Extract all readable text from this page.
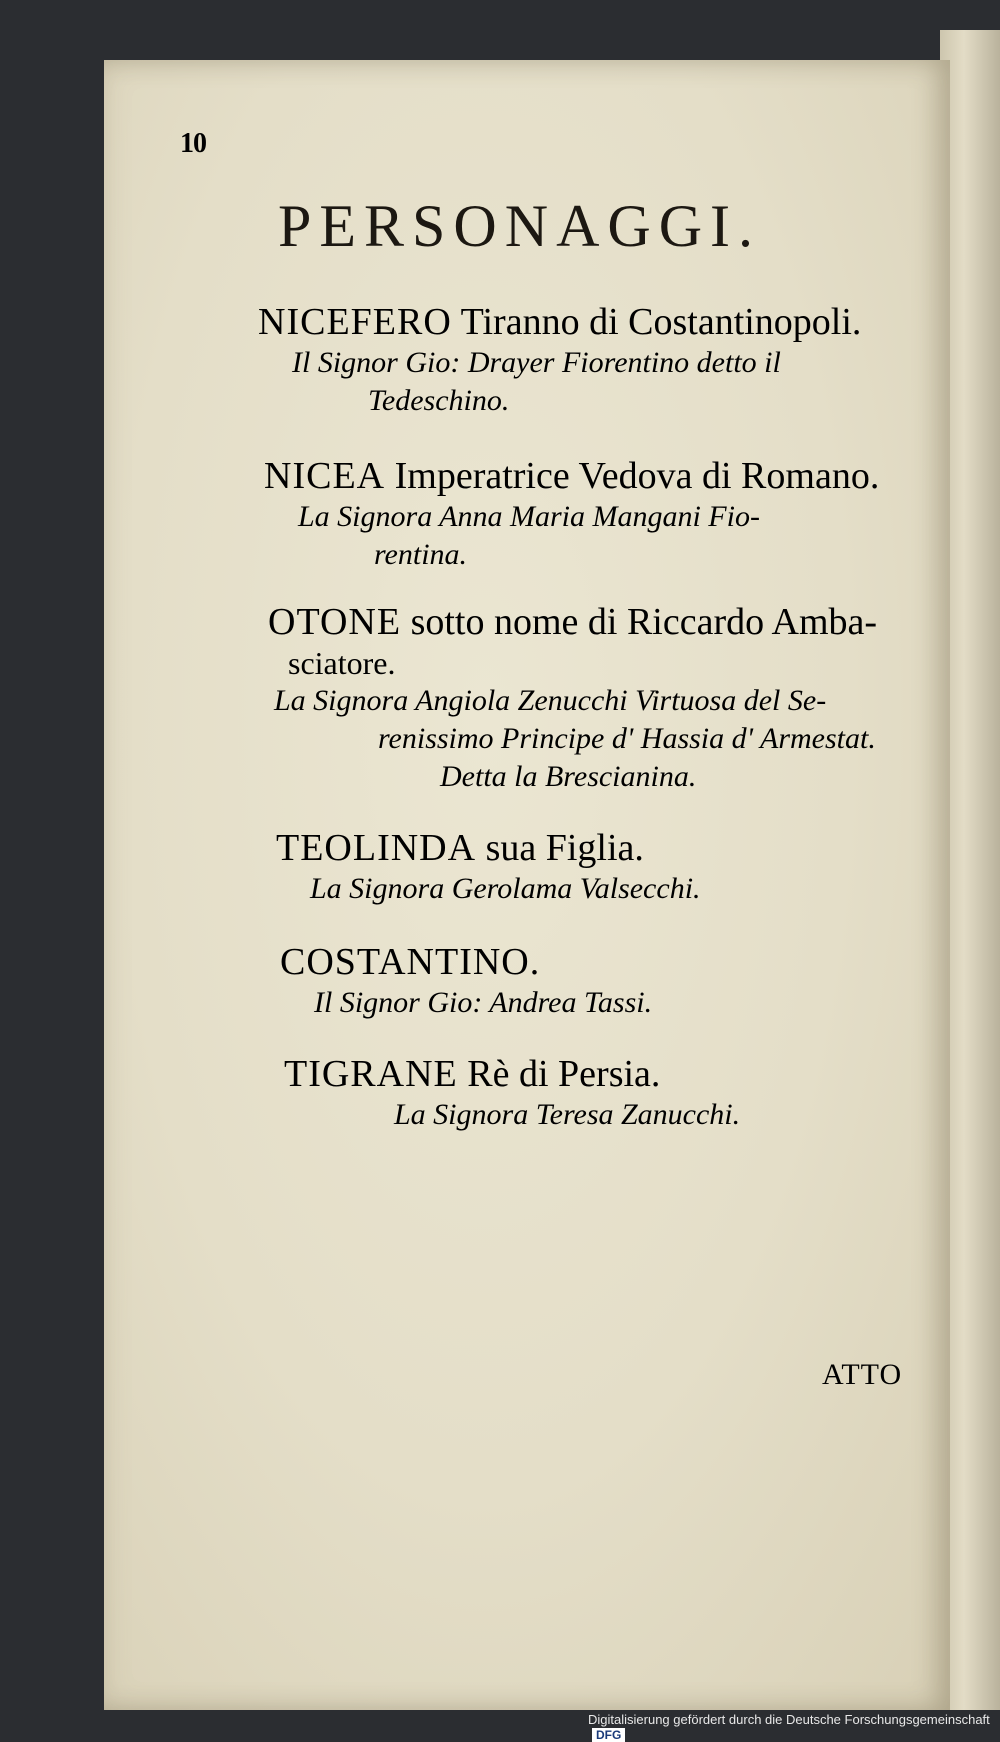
10
PERSONAGGI.
NICEFERO Tiranno di Costantinopoli.
Il Signor Gio: Drayer Fiorentino detto il
Tedeschino.
NICEA Imperatrice Vedova di Romano.
La Signora Anna Maria Mangani Fio-
rentina.
OTONE sotto nome di Riccardo Amba-
sciatore.
La Signora Angiola Zenucchi Virtuosa del Se-
renissimo Principe d' Hassia d' Armestat.
Detta la Brescianina.
TEOLINDA sua Figlia.
La Signora Gerolama Valsecchi.
COSTANTINO.
Il Signor Gio: Andrea Tassi.
TIGRANE Rè di Persia.
La Signora Teresa Zanucchi.
ATTO
Digitalisierung gefördert durch die Deutsche Forschungsgemeinschaft DFG
